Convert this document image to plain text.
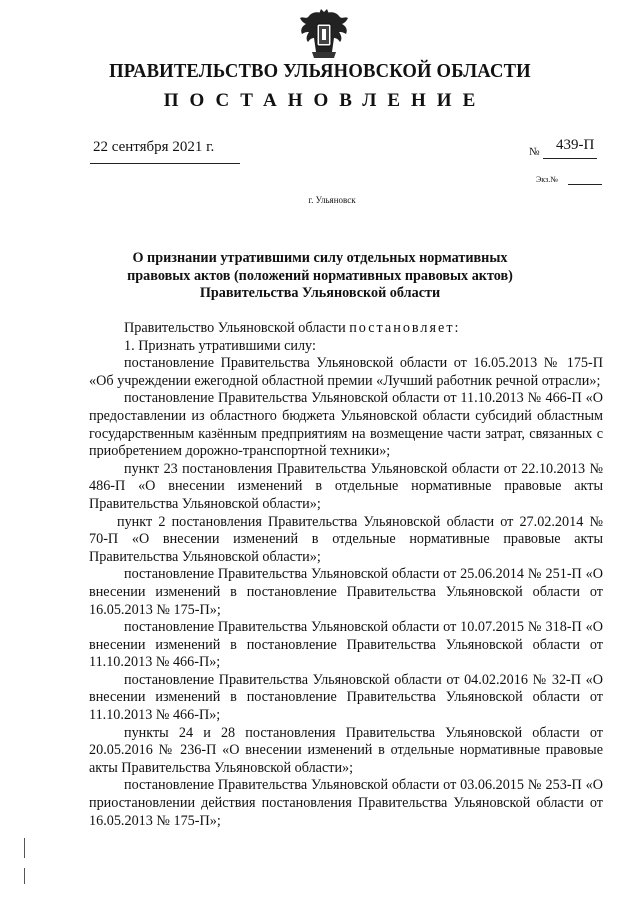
ПРАВИТЕЛЬСТВО УЛЬЯНОВСКОЙ ОБЛАСТИ
ПОСТАНОВЛЕНИЕ
22 сентября 2021 г.	№ 439-П
Экз.№
г. Ульяновск
О признании утратившими силу отдельных нормативных
правовых актов (положений нормативных правовых актов)
Правительства Ульяновской области

Правительство Ульяновской области постановляет:

1. Признать утратившими силу:

постановление Правительства Ульяновской области от 16.05.2013 № 175-П «Об учреждении ежегодной областной премии «Лучший работник речной отрасли»;

постановление Правительства Ульяновской области от 11.10.2013 № 466-П «О предоставлении из областного бюджета Ульяновской области субсидий областным государственным казённым предприятиям на возмещение части затрат, связанных с приобретением дорожно-транспортной техники»;

пункт 23 постановления Правительства Ульяновской области от 22.10.2013 № 486-П «О внесении изменений в отдельные нормативные правовые акты Правительства Ульяновской области»;

пункт 2 постановления Правительства Ульяновской области от 27.02.2014 № 70-П «О внесении изменений в отдельные нормативные правовые акты Правительства Ульяновской области»;

постановление Правительства Ульяновской области от 25.06.2014 № 251-П «О внесении изменений в постановление Правительства Ульяновской области от 16.05.2013 № 175-П»;

постановление Правительства Ульяновской области от 10.07.2015 № 318-П «О внесении изменений в постановление Правительства Ульяновской области от 11.10.2013 № 466-П»;

постановление Правительства Ульяновской области от 04.02.2016 № 32-П «О внесении изменений в постановление Правительства Ульяновской области от 11.10.2013 № 466-П»;

пункты 24 и 28 постановления Правительства Ульяновской области от 20.05.2016 № 236-П «О внесении изменений в отдельные нормативные правовые акты Правительства Ульяновской области»;

постановление Правительства Ульяновской области от 03.06.2015 № 253-П «О приостановлении действия постановления Правительства Ульяновской области от 16.05.2013 № 175-П»;
